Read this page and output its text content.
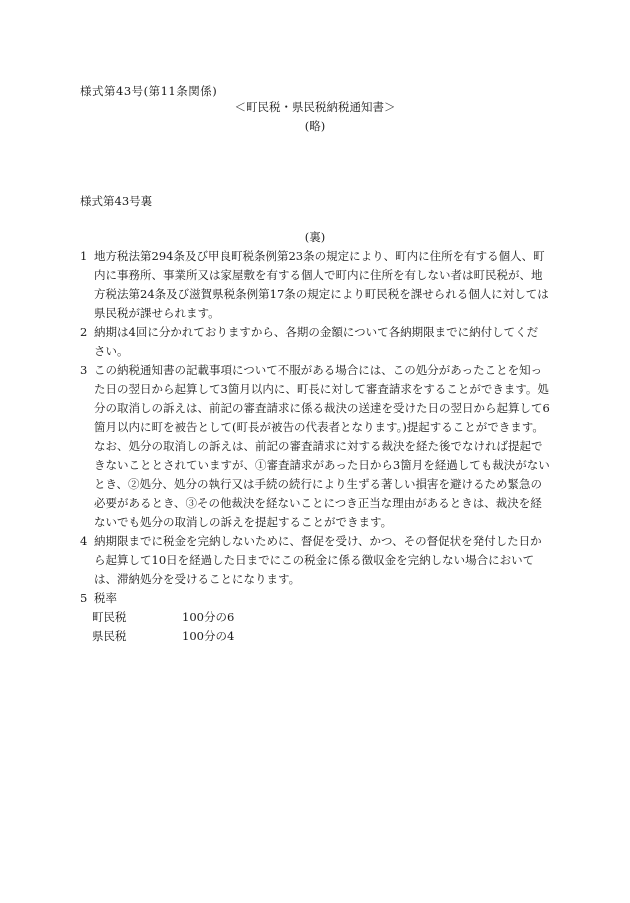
様式第43号(第11条関係)
＜町民税・県民税納税通知書＞
(略)
様式第43号裏
(裏)
1 地方税法第294条及び甲良町税条例第23条の規定により、町内に住所を有する個人、町
内に事務所、事業所又は家屋敷を有する個人で町内に住所を有しない者は町民税が、地
方税法第24条及び滋賀県税条例第17条の規定により町民税を課せられる個人に対しては
県民税が課せられます。
2 納期は4回に分かれておりますから、各期の金額について各納期限までに納付してくだ
さい。
3 この納税通知書の記載事項について不服がある場合には、この処分があったことを知っ
た日の翌日から起算して3箇月以内に、町長に対して審査請求をすることができます。処
分の取消しの訴えは、前記の審査請求に係る裁決の送達を受けた日の翌日から起算して6
箇月以内に町を被告として(町長が被告の代表者となります。)提起することができます。
なお、処分の取消しの訴えは、前記の審査請求に対する裁決を経た後でなければ提起で
きないこととされていますが、①審査請求があった日から3箇月を経過しても裁決がない
とき、②処分、処分の執行又は手続の続行により生ずる著しい損害を避けるため緊急の
必要があるとき、③その他裁決を経ないことにつき正当な理由があるときは、裁決を経
ないでも処分の取消しの訴えを提起することができます。
4 納期限までに税金を完納しないために、督促を受け、かつ、その督促状を発付した日か
ら起算して10日を経過した日までにこの税金に係る徴収金を完納しない場合において
は、滞納処分を受けることになります。
5 税率
町民税	100分の6
県民税	100分の4
